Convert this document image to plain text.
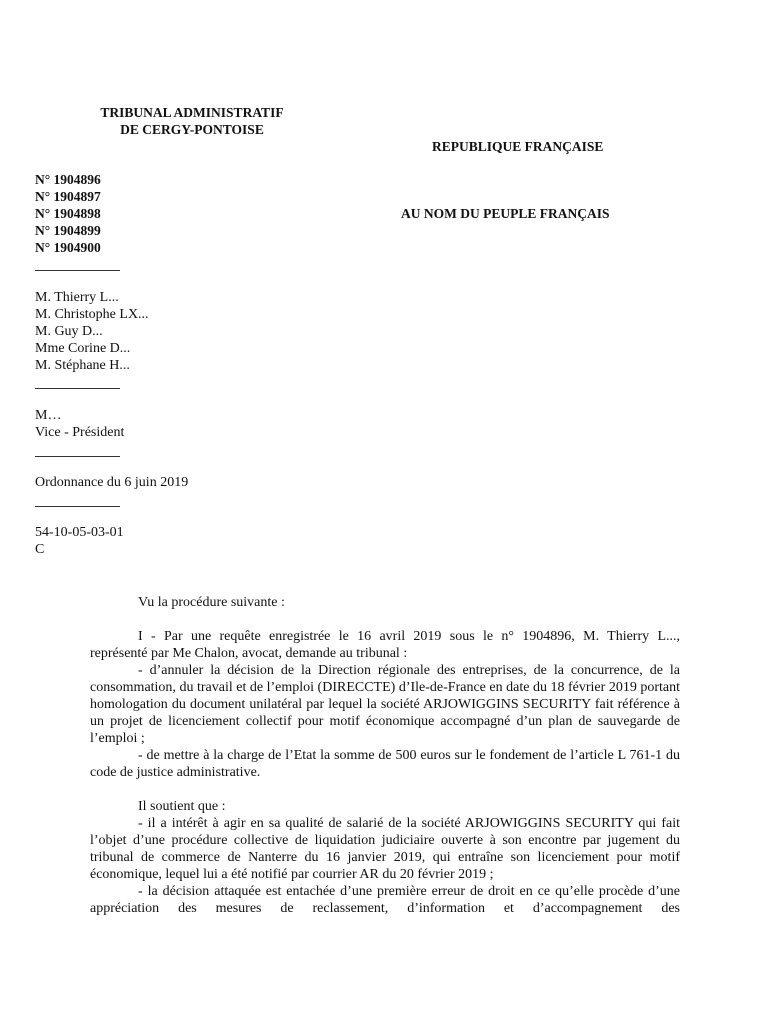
TRIBUNAL ADMINISTRATIF
DE CERGY-PONTOISE
REPUBLIQUE FRANÇAISE
AU NOM DU PEUPLE FRANÇAIS
N° 1904896
N° 1904897
N° 1904898
N° 1904899
N° 1904900
M. Thierry L...
M. Christophe LX...
M. Guy D...
Mme Corine D...
M. Stéphane H...
M…
Vice - Président
Ordonnance du 6 juin 2019
54-10-05-03-01
C

Vu la procédure suivante :

I - Par une requête enregistrée le 16 avril 2019 sous le n° 1904896, M. Thierry L...,

représenté par Me Chalon, avocat, demande au tribunal :

- d’annuler la décision de la Direction régionale des entreprises, de la concurrence, de la consommation, du travail et de l’emploi (DIRECCTE) d’Ile-de-France en date du 18 février 2019 portant homologation du document unilatéral par lequel la société ARJOWIGGINS SECURITY fait référence à un projet de licenciement collectif pour motif économique accompagné d’un plan de sauvegarde de l’emploi ;

- de mettre à la charge de l’Etat la somme de 500 euros sur le fondement de l’article L 761-1 du code de justice administrative.

Il soutient que :

- il a intérêt à agir en sa qualité de salarié de la société ARJOWIGGINS SECURITY qui fait l’objet d’une procédure collective de liquidation judiciaire ouverte à son encontre par jugement du tribunal de commerce de Nanterre du 16 janvier 2019, qui entraîne son licenciement pour motif économique, lequel lui a été notifié par courrier AR du 20 février 2019 ;

- la décision attaquée est entachée d’une première erreur de droit en ce qu’elle procède d’une appréciation des mesures de reclassement, d’information et d’accompagnement des
